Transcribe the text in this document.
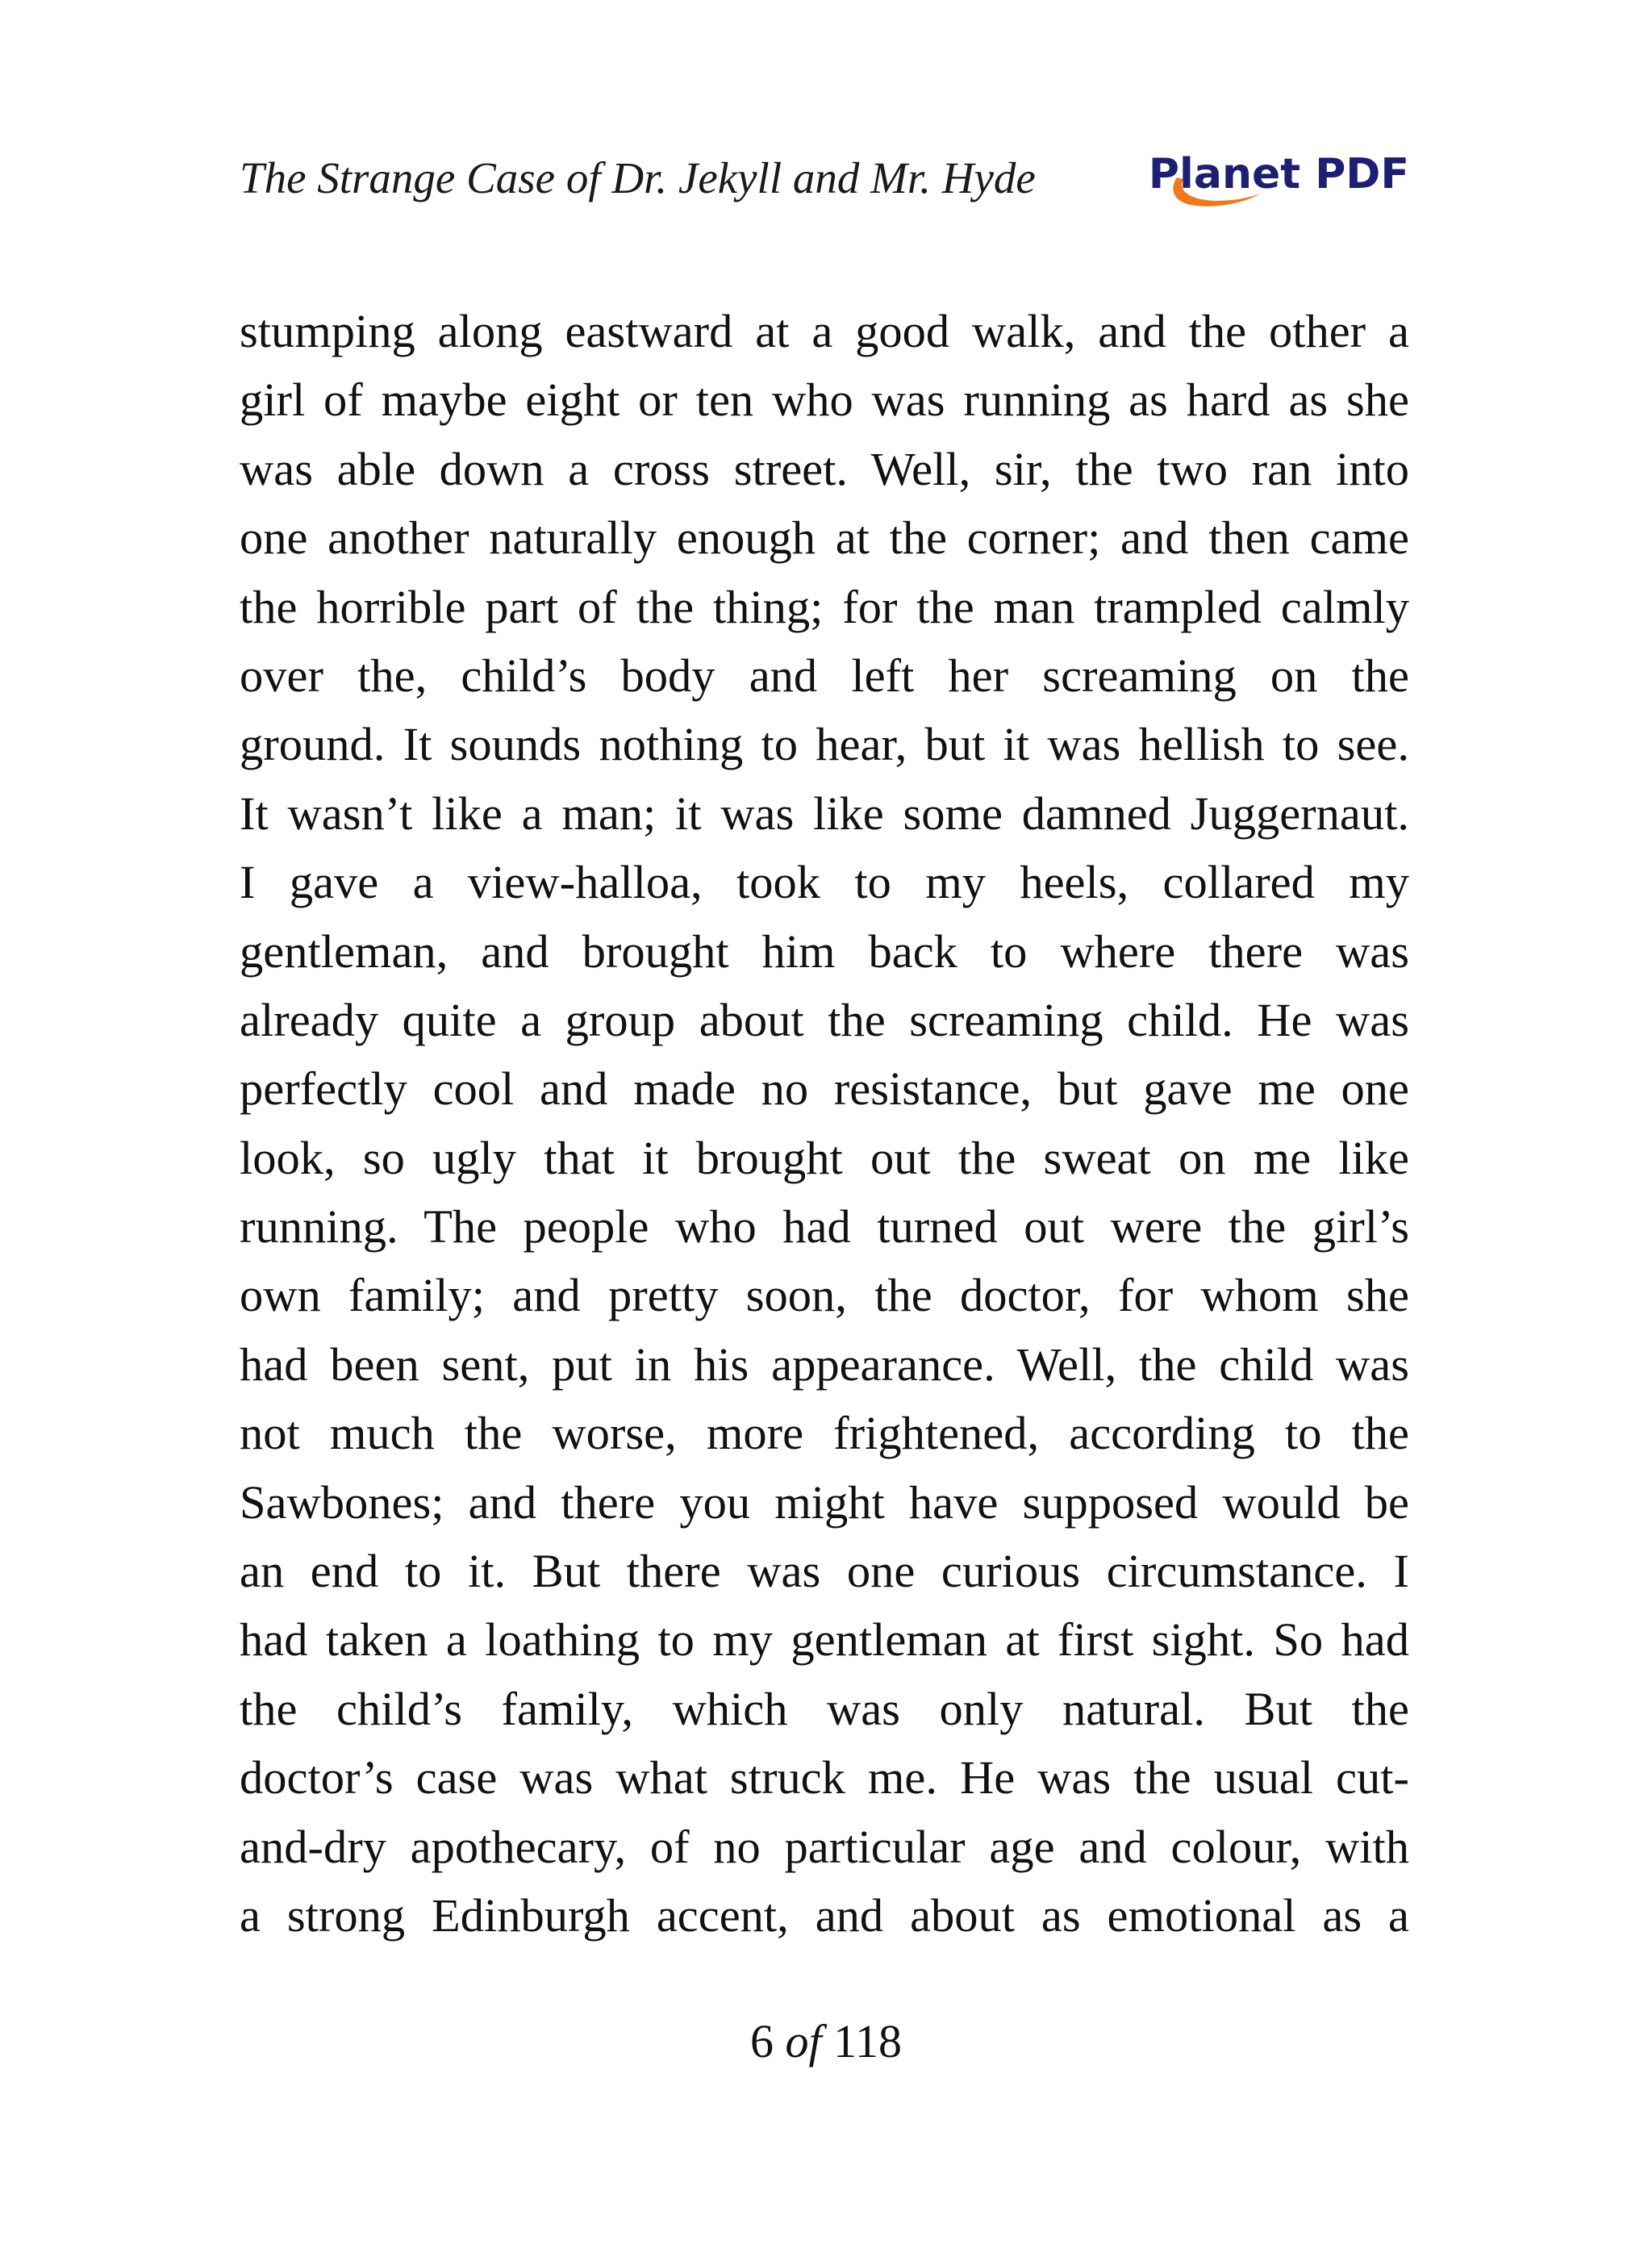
The Strange Case of Dr. Jekyll and Mr. Hyde	Planet PDF
stumping along eastward at a good walk, and the other a
girl of maybe eight or ten who was running as hard as she
was able down a cross street. Well, sir, the two ran into
one another naturally enough at the corner; and then came
the horrible part of the thing; for the man trampled calmly
over the, child’s body and left her screaming on the
ground. It sounds nothing to hear, but it was hellish to see.
It wasn’t like a man; it was like some damned Juggernaut.
I gave a view-halloa, took to my heels, collared my
gentleman, and brought him back to where there was
already quite a group about the screaming child. He was
perfectly cool and made no resistance, but gave me one
look, so ugly that it brought out the sweat on me like
running. The people who had turned out were the girl’s
own family; and pretty soon, the doctor, for whom she
had been sent, put in his appearance. Well, the child was
not much the worse, more frightened, according to the
Sawbones; and there you might have supposed would be
an end to it. But there was one curious circumstance. I
had taken a loathing to my gentleman at first sight. So had
the child’s family, which was only natural. But the
doctor’s case was what struck me. He was the usual cut-
and-dry apothecary, of no particular age and colour, with
a strong Edinburgh accent, and about as emotional as a
6 of 118
